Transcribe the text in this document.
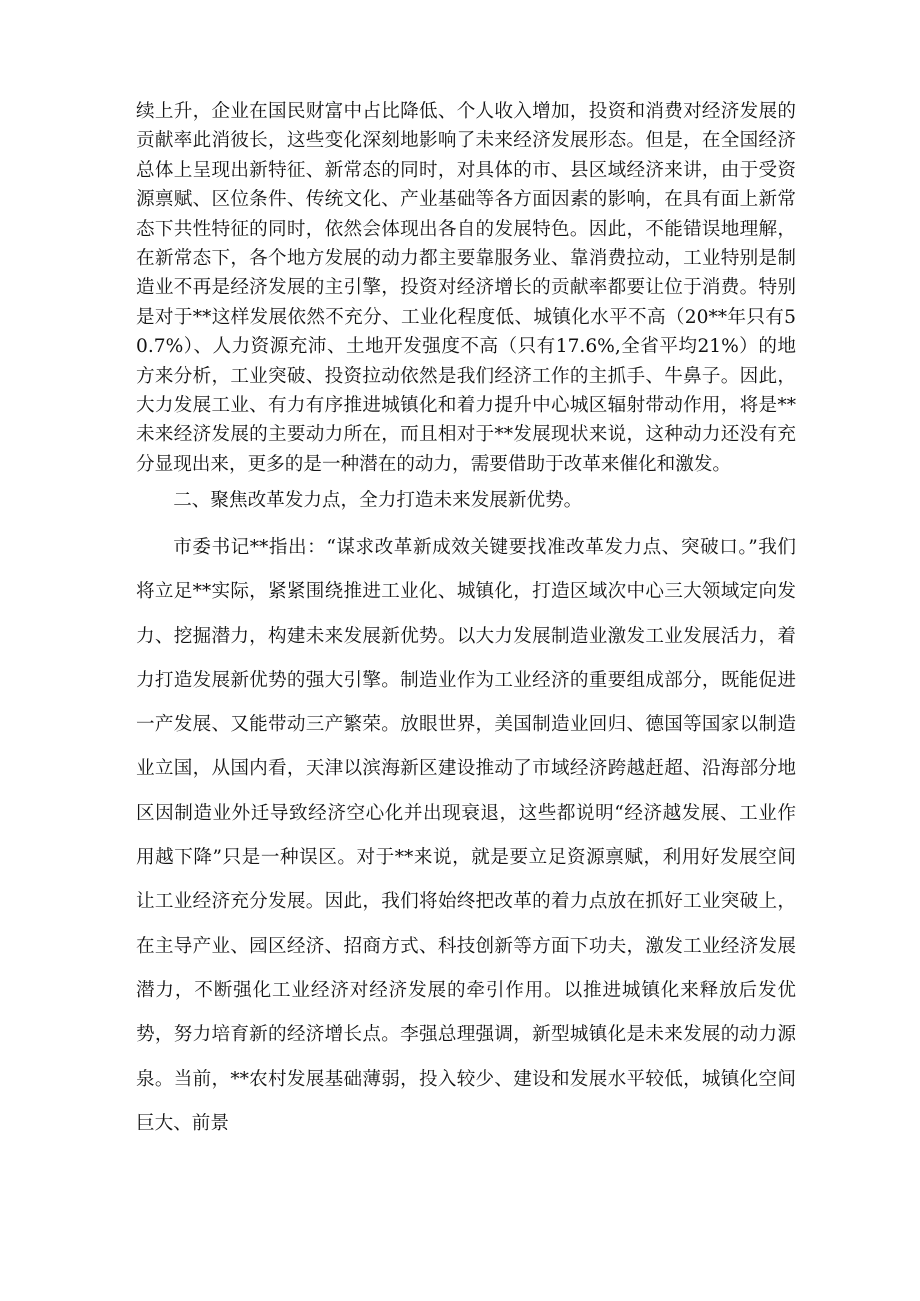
续上升，企业在国民财富中占比降低、个人收入增加，投资和消费对经济发展的贡献率此消彼长，这些变化深刻地影响了未来经济发展形态。但是，在全国经济总体上呈现出新特征、新常态的同时，对具体的市、县区域经济来讲，由于受资源禀赋、区位条件、传统文化、产业基础等各方面因素的影响，在具有面上新常态下共性特征的同时，依然会体现出各自的发展特色。因此，不能错误地理解，在新常态下，各个地方发展的动力都主要靠服务业、靠消费拉动，工业特别是制造业不再是经济发展的主引擎，投资对经济增长的贡献率都要让位于消费。特别是对于**这样发展依然不充分、工业化程度低、城镇化水平不高（20**年只有50.7%）、人力资源充沛、土地开发强度不高（只有17.6%,全省平均21%）的地方来分析，工业突破、投资拉动依然是我们经济工作的主抓手、牛鼻子。因此，大力发展工业、有力有序推进城镇化和着力提升中心城区辐射带动作用，将是**未来经济发展的主要动力所在，而且相对于**发展现状来说，这种动力还没有充分显现出来，更多的是一种潜在的动力，需要借助于改革来催化和激发。

二、聚焦改革发力点，全力打造未来发展新优势。

市委书记**指出：“谋求改革新成效关键要找准改革发力点、突破口。”我们将立足**实际，紧紧围绕推进工业化、城镇化，打造区域次中心三大领域定向发力、挖掘潜力，构建未来发展新优势。以大力发展制造业激发工业发展活力，着力打造发展新优势的强大引擎。制造业作为工业经济的重要组成部分，既能促进一产发展、又能带动三产繁荣。放眼世界，美国制造业回归、德国等国家以制造业立国，从国内看，天津以滨海新区建设推动了市域经济跨越赶超、沿海部分地区因制造业外迁导致经济空心化并出现衰退，这些都说明“经济越发展、工业作用越下降”只是一种误区。对于**来说，就是要立足资源禀赋，利用好发展空间让工业经济充分发展。因此，我们将始终把改革的着力点放在抓好工业突破上，在主导产业、园区经济、招商方式、科技创新等方面下功夫，激发工业经济发展潜力，不断强化工业经济对经济发展的牵引作用。以推进城镇化来释放后发优势，努力培育新的经济增长点。李强总理强调，新型城镇化是未来发展的动力源泉。当前，**农村发展基础薄弱，投入较少、建设和发展水平较低，城镇化空间巨大、前景
